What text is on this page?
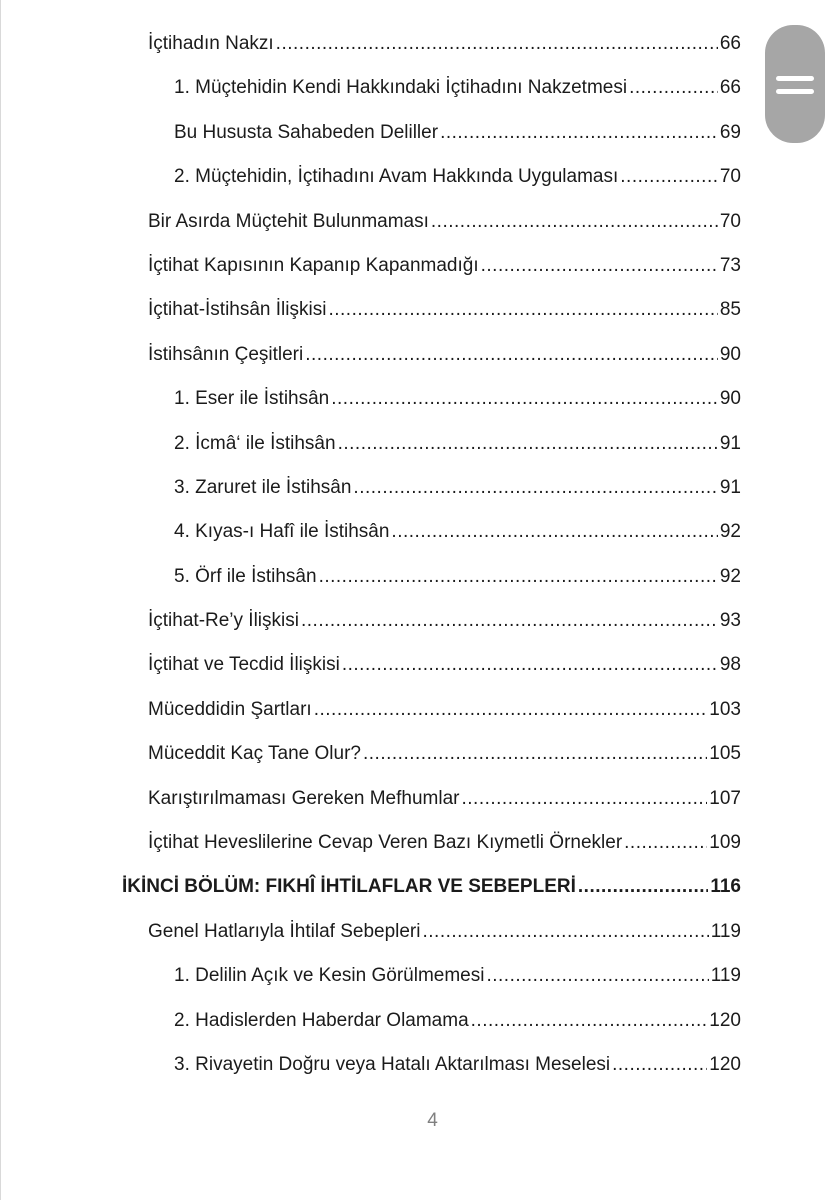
İçtihadın Nakzı .....	66
1. Müçtehidin Kendi Hakkındaki İçtihadını Nakzetmesi .....	66
Bu Hususta Sahabeden Deliller .....	69
2. Müçtehidin, İçtihadını Avam Hakkında Uygulaması .....	70
Bir Asırda Müçtehit Bulunmaması .....	70
İçtihat Kapısının Kapanıp Kapanmadığı .....	73
İçtihat-İstihsân İlişkisi .....	85
İstihsânın Çeşitleri .....	90
1. Eser ile İstihsân .....	90
2. İcmâ‘ ile İstihsân .....	91
3. Zaruret ile İstihsân .....	91
4. Kıyas-ı Hafî ile İstihsân .....	92
5. Örf ile İstihsân .....	92
İçtihat-Re’y İlişkisi .....	93
İçtihat ve Tecdid İlişkisi .....	98
Müceddidin Şartları .....	103
Müceddit Kaç Tane Olur? .....	105
Karıştırılmaması Gereken Mefhumlar .....	107
İçtihat Heveslilerine Cevap Veren Bazı Kıymetli Örnekler .....	109
İKİNCİ BÖLÜM: FIKHÎ İHTİLAFLAR VE SEBEPLERİ .....	116
Genel Hatlarıyla İhtilaf Sebepleri .....	119
1. Delilin Açık ve Kesin Görülmemesi .....	119
2. Hadislerden Haberdar Olamama .....	120
3. Rivayetin Doğru veya Hatalı Aktarılması Meselesi .....	120
4
